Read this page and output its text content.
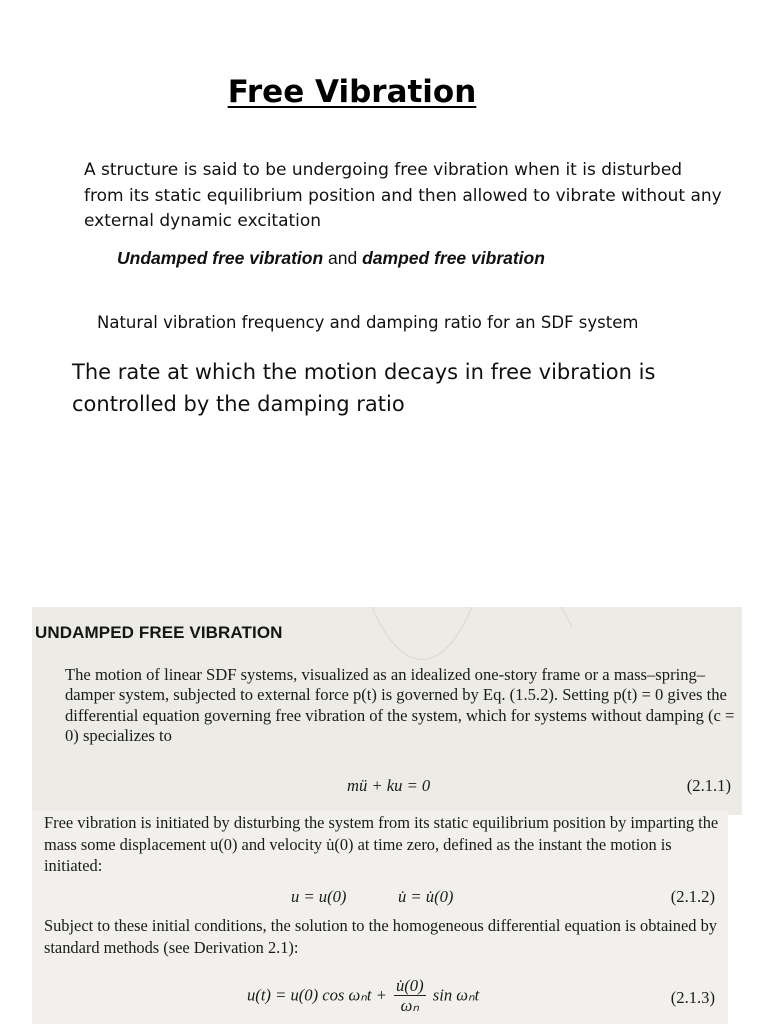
Free Vibration
A structure is said to be undergoing free vibration when it is disturbed from its static equilibrium position and then allowed to vibrate without any external dynamic excitation
Undamped free vibration and damped free vibration
Natural vibration frequency and damping ratio for an SDF system
The rate at which the motion decays in free vibration is controlled by the damping ratio
UNDAMPED FREE VIBRATION
The motion of linear SDF systems, visualized as an idealized one-story frame or a mass–spring–damper system, subjected to external force p(t) is governed by Eq. (1.5.2). Setting p(t) = 0 gives the differential equation governing free vibration of the system, which for systems without damping (c = 0) specializes to
mü + ku = 0	(2.1.1)
Free vibration is initiated by disturbing the system from its static equilibrium position by imparting the mass some displacement u(0) and velocity u̇(0) at time zero, defined as the instant the motion is initiated:
u = u(0)	u̇ = u̇(0)	(2.1.2)
Subject to these initial conditions, the solution to the homogeneous differential equation is obtained by standard methods (see Derivation 2.1):
u(t) = u(0) $\cos \omega_nt + \frac{u̇(0)}{\text{ωₙ}}$ sin ωₙt	(2.1.3)
